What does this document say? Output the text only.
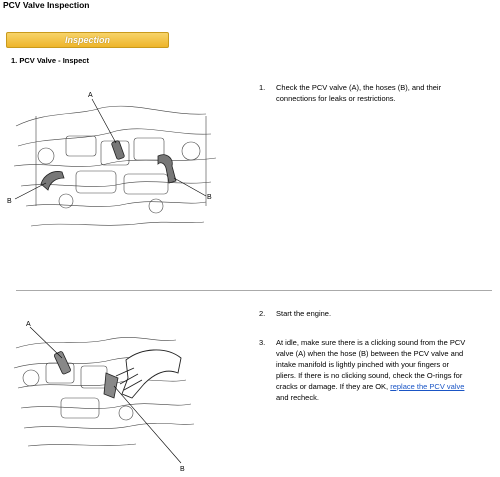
PCV Valve Inspection
Inspection
1. PCV Valve - Inspect
A
B
B
1. Check the PCV valve (A), the hoses (B), and their connections for leaks or restrictions.
A
B
2. Start the engine.
3. At idle, make sure there is a clicking sound from the PCV valve (A) when the hose (B) between the PCV valve and intake manifold is lightly pinched with your fingers or pliers. If there is no clicking sound, check the O-rings for cracks or damage. If they are OK, replace the PCV valve and recheck.
